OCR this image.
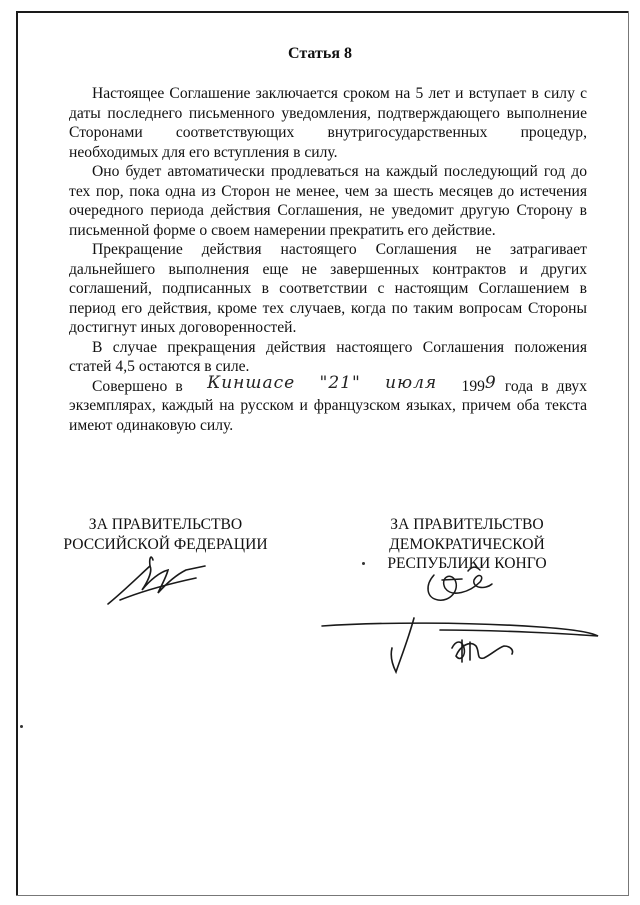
Статья 8

Настоящее Соглашение заключается сроком на 5 лет и вступает в силу с даты последнего письменного уведомления, подтверждающего выполнение Сторонами соответствующих внутригосударственных процедур, необходимых для его вступления в силу.

Оно будет автоматически продлеваться на каждый последующий год до тех пор, пока одна из Сторон не менее, чем за шесть месяцев до истечения очередного периода действия Соглашения, не уведомит другую Сторону в письменной форме о своем намерении прекратить его действие.

Прекращение действия настоящего Соглашения не затрагивает дальнейшего выполнения еще не завершенных контрактов и других соглашений, подписанных в соответствии с настоящим Соглашением в период его действия, кроме тех случаев, когда по таким вопросам Стороны достигнут иных договоренностей.

В случае прекращения действия настоящего Соглашения положения статей 4,5 остаются в силе.

Совершено в Киншасе "21" июля 1999 года в двух экземплярах, каждый на русском и французском языках, причем оба текста имеют одинаковую силу.

ЗА ПРАВИТЕЛЬСТВО
РОССИЙСКОЙ ФЕДЕРАЦИИ
ЗА ПРАВИТЕЛЬСТВО
ДЕМОКРАТИЧЕСКОЙ
РЕСПУБЛИКИ КОНГО
